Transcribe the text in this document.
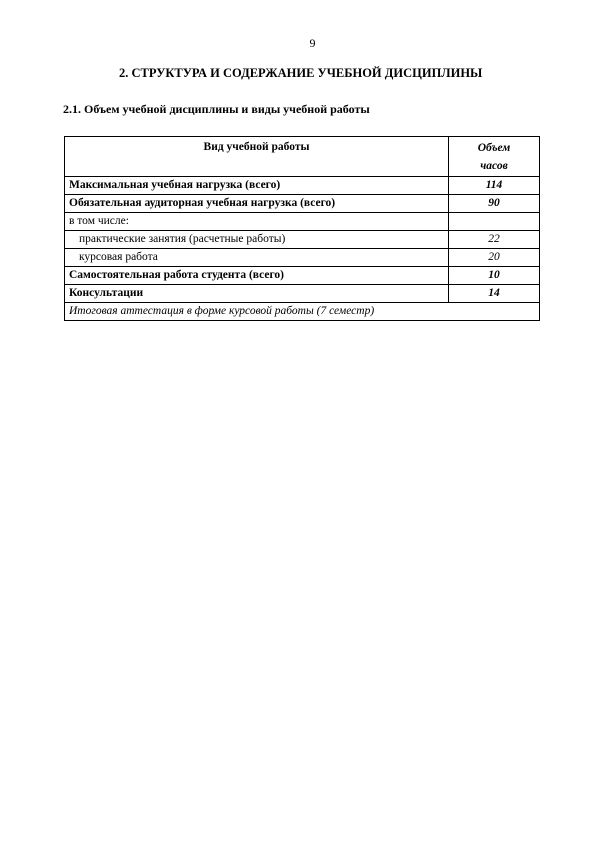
9
2. СТРУКТУРА И СОДЕРЖАНИЕ УЧЕБНОЙ ДИСЦИПЛИНЫ
2.1. Объем учебной дисциплины и виды учебной работы
Вид учебной работы	Объем
часов
Максимальная учебная нагрузка (всего)	114
Обязательная аудиторная учебная нагрузка (всего)	90
в том числе:	
практические занятия (расчетные работы)	22
курсовая работа	20
Самостоятельная работа студента (всего)	10
Консультации	14
Итоговая аттестация в форме курсовой работы (7 семестр)	
